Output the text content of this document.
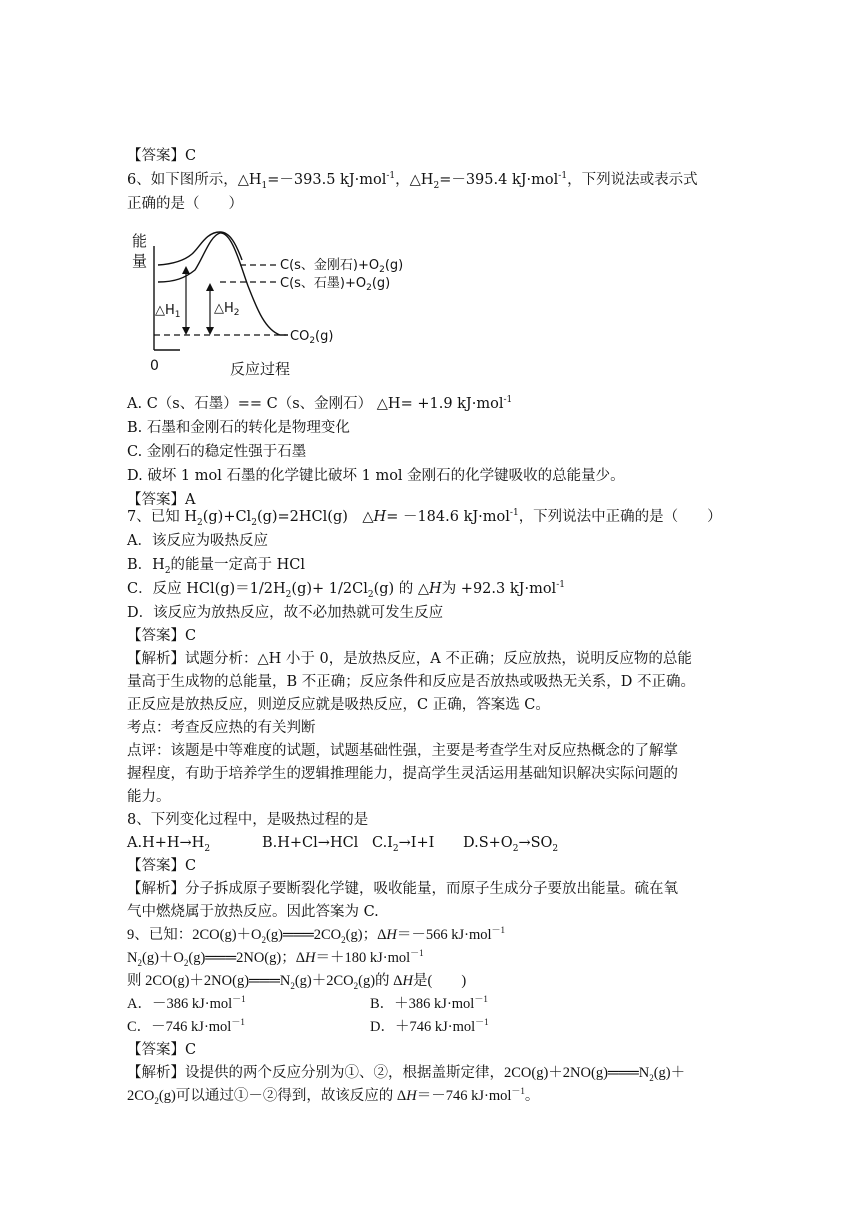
【答案】C
6、如下图所示，$\triangle H_1=-393.5$ kJ·mol$^{-1}$，$\triangle H_2=-395.4$ kJ·mol$^{-1}$，下列说法或表示式
正确的是（　　）
能
量
0	反应过程
$\triangle H_1$	$\triangle H_2$
C(s、金刚石)$+O_2(g)$
C(s、石墨)$+O_2(g)$
$CO_2(g)$
A. C（s、石墨）== C（s、金刚石） △H= +1.9 kJ·mol$^{-1}$
B. 石墨和金刚石的转化是物理变化
C. 金刚石的稳定性强于石墨
D. 破坏 1 mol 石墨的化学键比破坏 1 mol 金刚石的化学键吸收的总能量少。
【答案】A
7、已知 $H_2(g)+Cl_2(g)=2HCl(g)$　△H= －184.6 kJ·mol$^{-1}$，下列说法中正确的是（　　）
A．该反应为吸热反应
B．$H_2$的能量一定高于 HCl
C．反应 $HCl(g)=1/2H_2(g)+ 1/2Cl_2(g)$ 的 △H为 +92.3 kJ·mol$^{-1}$
D．该反应为放热反应，故不必加热就可发生反应
【答案】C
【解析】试题分析：△H 小于 0，是放热反应，A 不正确；反应放热，说明反应物的总能
量高于生成物的总能量，B 不正确；反应条件和反应是否放热或吸热无关系，D 不正确。
正反应是放热反应，则逆反应就是吸热反应，C 正确，答案选 C。
考点：考查反应热的有关判断
点评：该题是中等难度的试题，试题基础性强，主要是考查学生对反应热概念的了解掌
握程度，有助于培养学生的逻辑推理能力，提高学生灵活运用基础知识解决实际问题的
能力。
8、下列变化过程中，是吸热过程的是
$A.H+H\to H_2$	B.H+Cl→HCl $C.I_2\to I+I$ $D.S+O_2\to SO_2$
【答案】C
【解析】分子拆成原子要断裂化学键，吸收能量，而原子生成分子要放出能量。硫在氧
气中燃烧属于放热反应。因此答案为 C.
9、已知：$2CO(g)+O_2(g)═══2CO_2(g)$；ΔH＝－566 kJ·mol$^{-1}$
$N_2(g)+O_2(g)═══2NO(g)$；ΔH＝＋180 kJ·mol$^{-1}$
则 $2CO(g)+2NO(g)═══N_2(g)+2CO_2(g)$的 ΔH是(　　)
A．－386 kJ·mol$^{-1}$	B．＋386 kJ·mol$^{-1}$
C．－746 kJ·mol$^{-1}$	D．＋746 kJ·mol$^{-1}$
【答案】C
【解析】设提供的两个反应分别为①、②，根据盖斯定律，$2CO(g)+2NO(g)═══N_2(g)+$
$2CO_2(g)$可以通过①－②得到，故该反应的 ΔH＝－746 kJ·mol$^{-1}$。
